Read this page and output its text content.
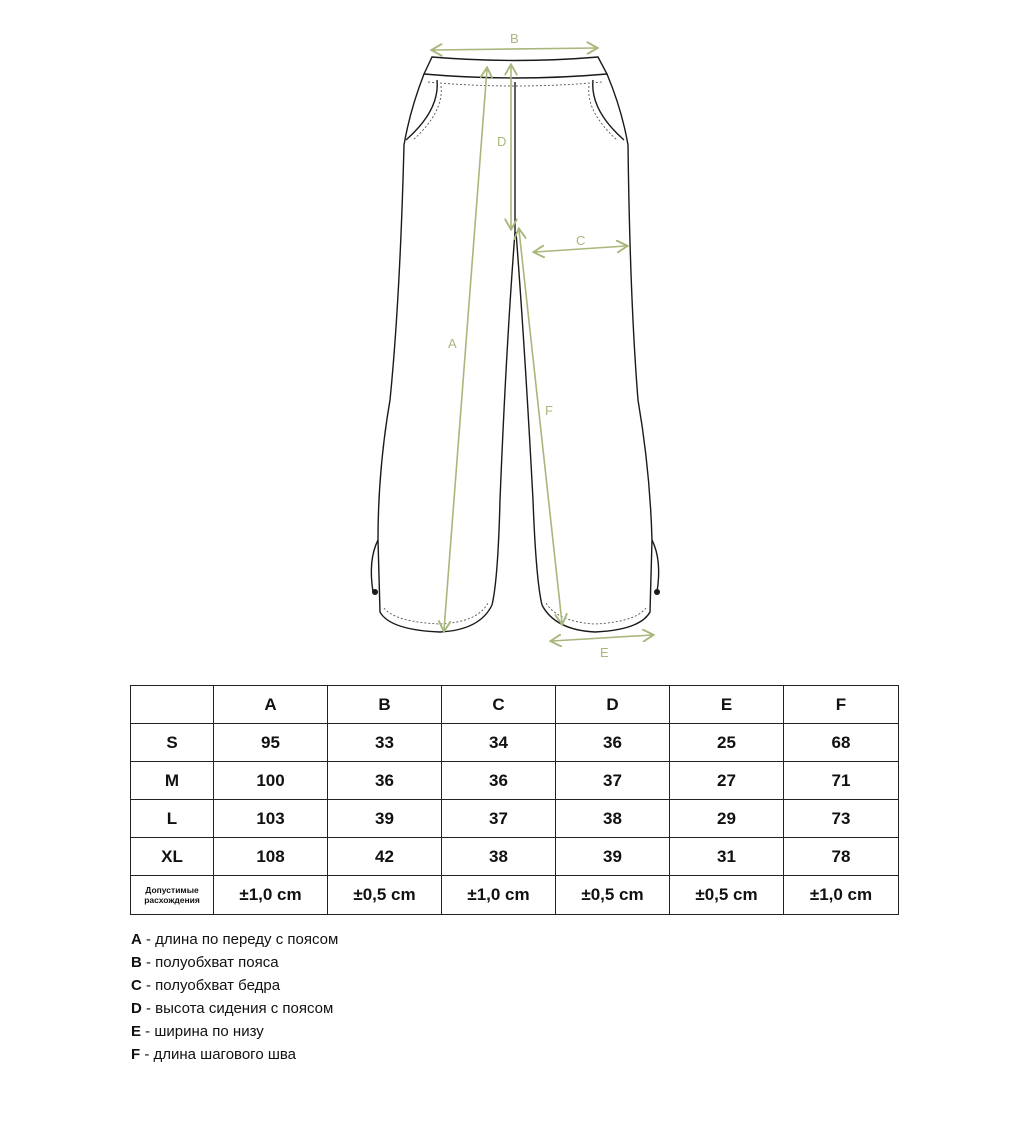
B
D
C
A
F
E
	A	B	C	D	E	F
S	95	33	34	36	25	68
M	100	36	36	37	27	71
L	103	39	37	38	29	73
XL	108	42	38	39	31	78
Допустимые
расхождения	±1,0 cm	±0,5 cm	±1,0 cm	±0,5 cm	±0,5 cm	±1,0 cm
A - длина по переду с поясом
B - полуобхват пояса
C - полуобхват бедра
D - высота сидения с поясом
E - ширина по низу
F - длина шагового шва
